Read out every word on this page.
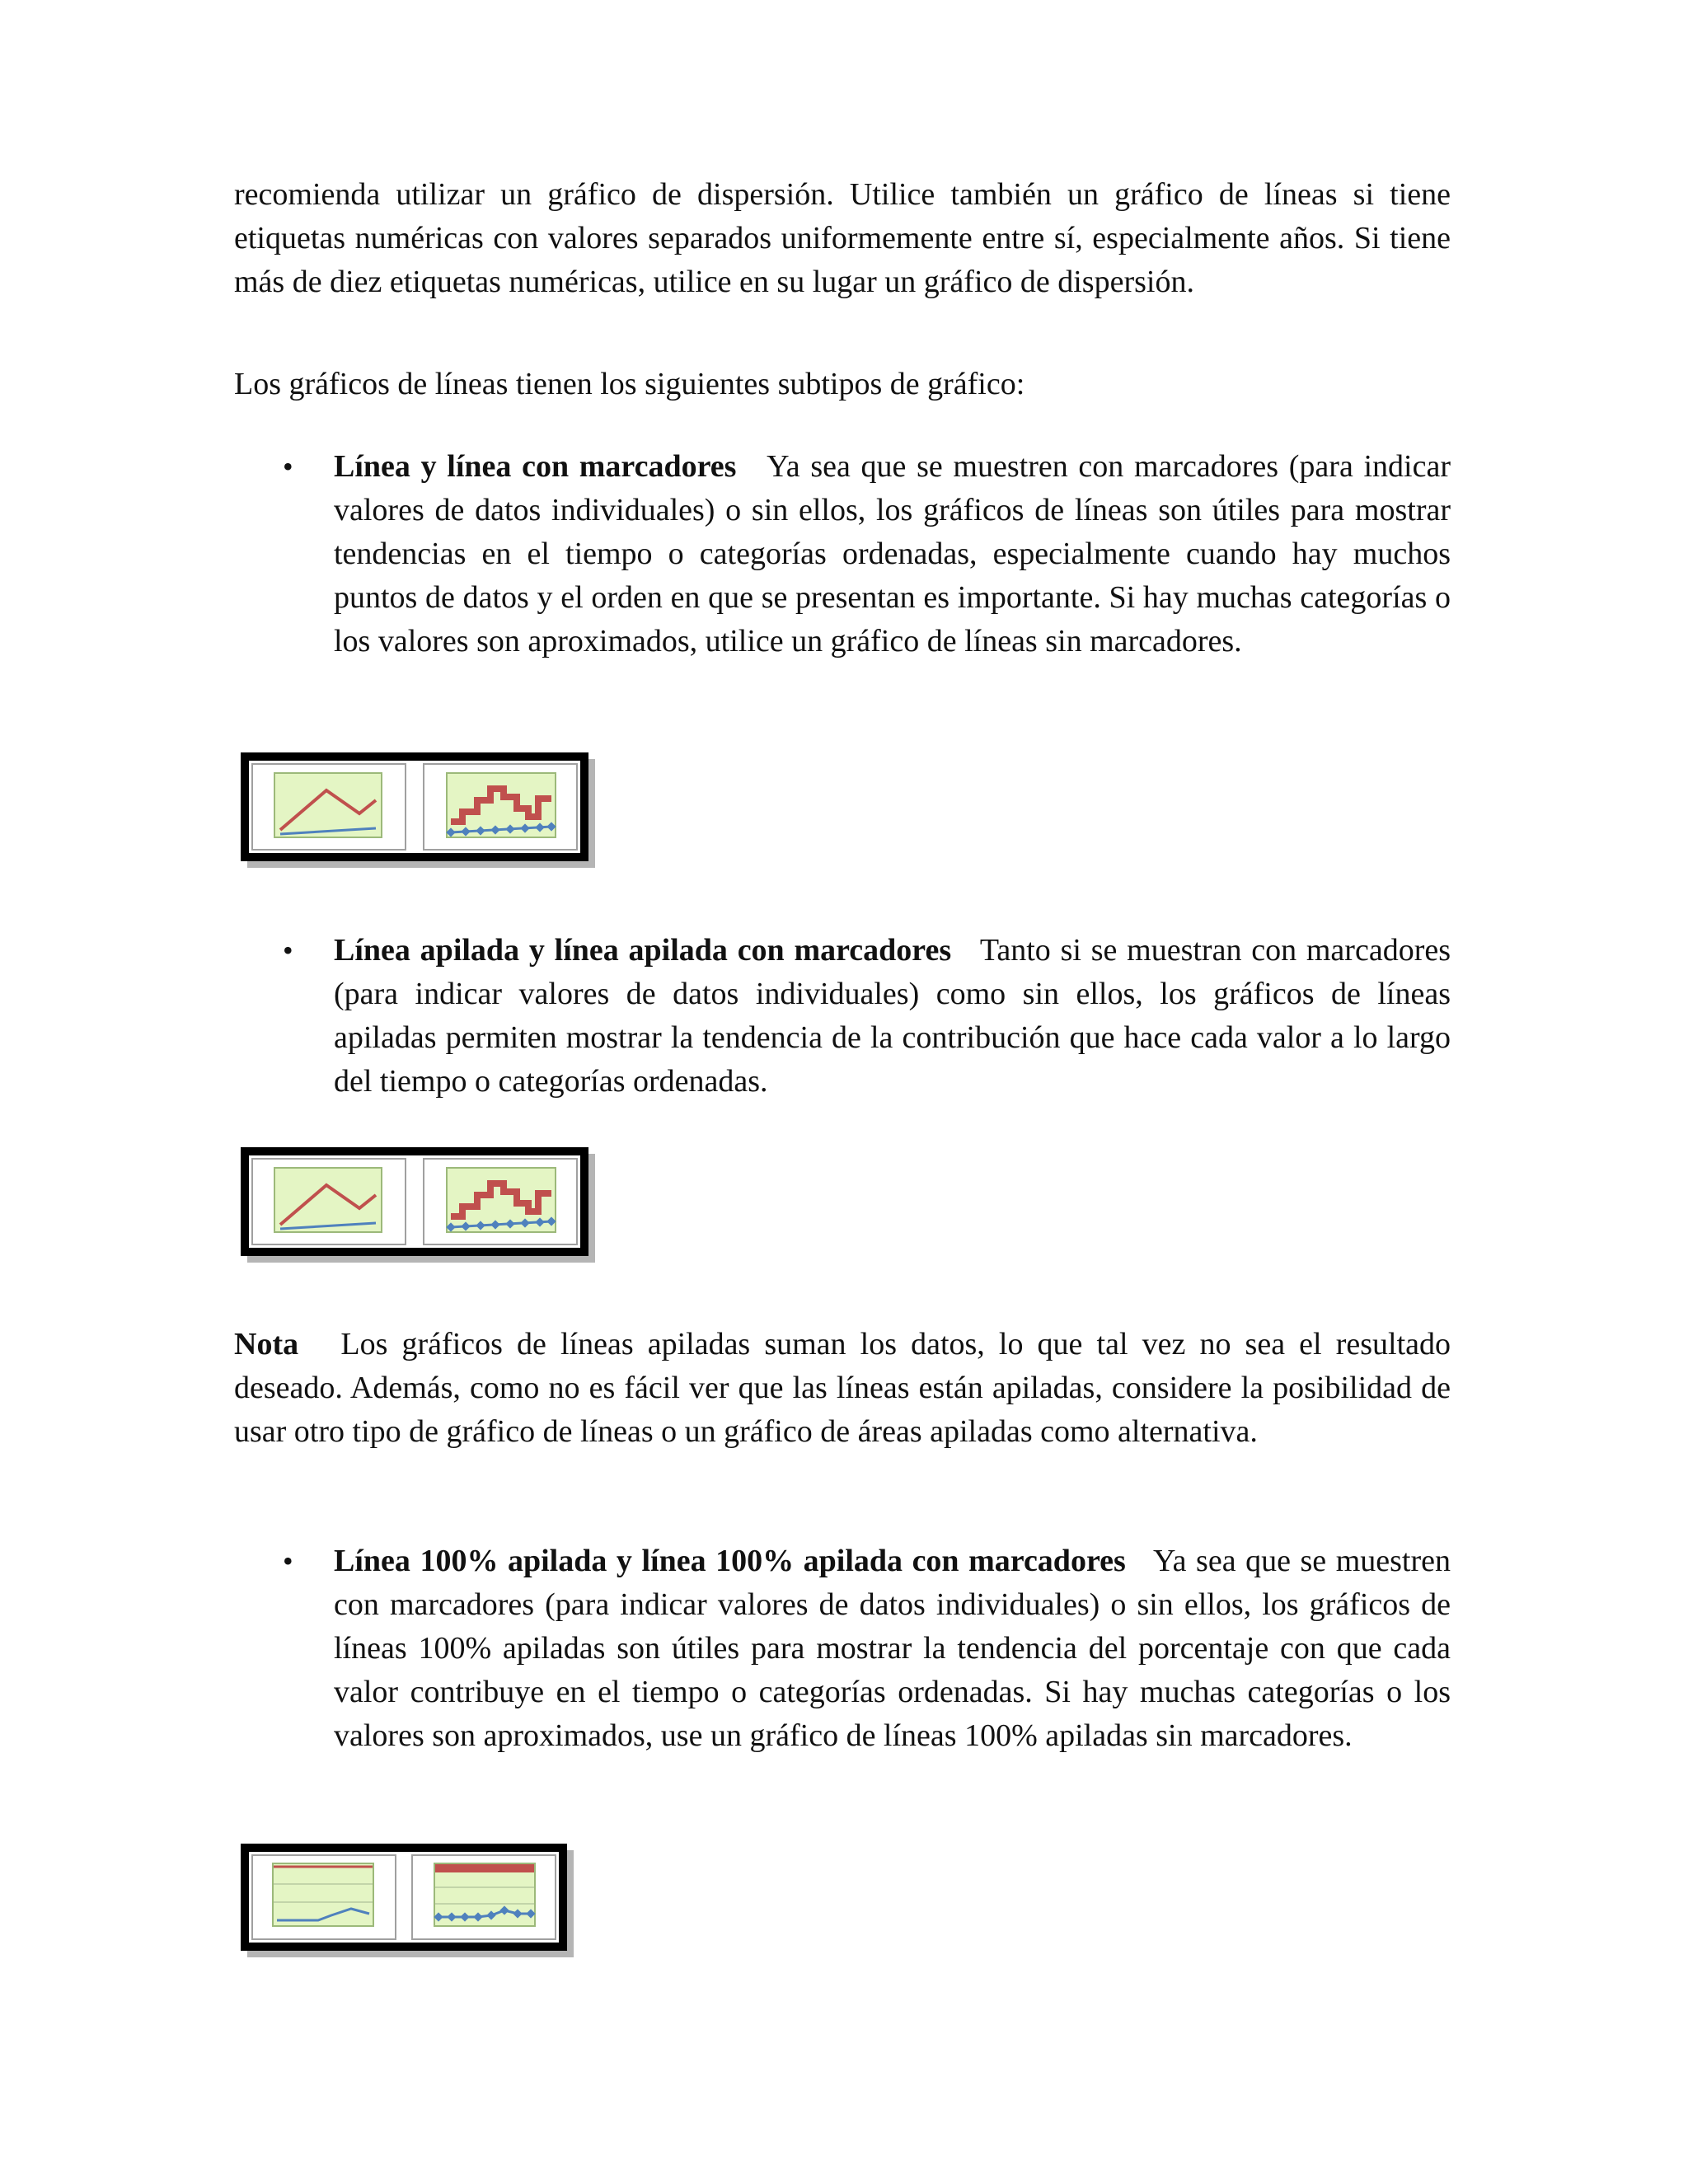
recomienda utilizar un gráfico de dispersión. Utilice también un gráfico de líneas si tiene etiquetas numéricas con valores separados uniformemente entre sí, especialmente años. Si tiene más de diez etiquetas numéricas, utilice en su lugar un gráfico de dispersión.

Los gráficos de líneas tienen los siguientes subtipos de gráfico:

• Línea y línea con marcadores Ya sea que se muestren con marcadores (para indicar valores de datos individuales) o sin ellos, los gráficos de líneas son útiles para mostrar tendencias en el tiempo o categorías ordenadas, especialmente cuando hay muchos puntos de datos y el orden en que se presentan es importante. Si hay muchas categorías o los valores son aproximados, utilice un gráfico de líneas sin marcadores.

• Línea apilada y línea apilada con marcadores Tanto si se muestran con marcadores (para indicar valores de datos individuales) como sin ellos, los gráficos de líneas apiladas permiten mostrar la tendencia de la contribución que hace cada valor a lo largo del tiempo o categorías ordenadas.

Nota Los gráficos de líneas apiladas suman los datos, lo que tal vez no sea el resultado deseado. Además, como no es fácil ver que las líneas están apiladas, considere la posibilidad de usar otro tipo de gráfico de líneas o un gráfico de áreas apiladas como alternativa.

• Línea 100% apilada y línea 100% apilada con marcadores Ya sea que se muestren con marcadores (para indicar valores de datos individuales) o sin ellos, los gráficos de líneas 100% apiladas son útiles para mostrar la tendencia del porcentaje con que cada valor contribuye en el tiempo o categorías ordenadas. Si hay muchas categorías o los valores son aproximados, use un gráfico de líneas 100% apiladas sin marcadores.
